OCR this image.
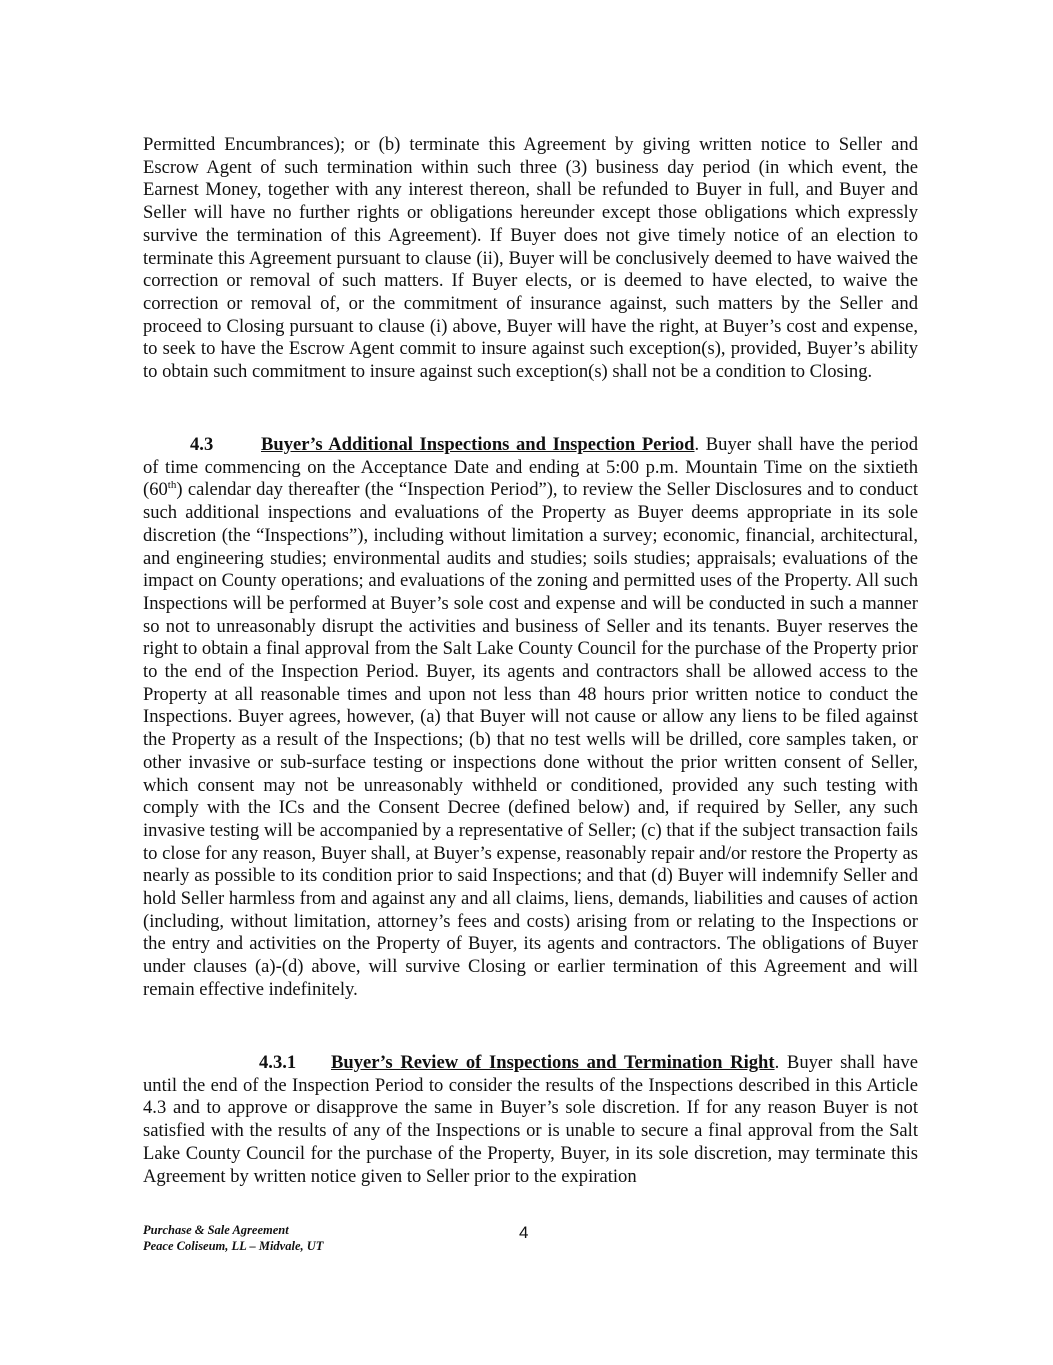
Permitted Encumbrances); or (b) terminate this Agreement by giving written notice to Seller and Escrow Agent of such termination within such three (3) business day period (in which event, the Earnest Money, together with any interest thereon, shall be refunded to Buyer in full, and Buyer and Seller will have no further rights or obligations hereunder except those obligations which expressly survive the termination of this Agreement). If Buyer does not give timely notice of an election to terminate this Agreement pursuant to clause (ii), Buyer will be conclusively deemed to have waived the correction or removal of such matters. If Buyer elects, or is deemed to have elected, to waive the correction or removal of, or the commitment of insurance against, such matters by the Seller and proceed to Closing pursuant to clause (i) above, Buyer will have the right, at Buyer’s cost and expense, to seek to have the Escrow Agent commit to insure against such exception(s), provided, Buyer’s ability to obtain such commitment to insure against such exception(s) shall not be a condition to Closing.

4.3	Buyer’s Additional Inspections and Inspection Period. Buyer shall have the period of time commencing on the Acceptance Date and ending at 5:00 p.m. Mountain Time on the sixtieth (60th) calendar day thereafter (the “Inspection Period”), to review the Seller Disclosures and to conduct such additional inspections and evaluations of the Property as Buyer deems appropriate in its sole discretion (the “Inspections”), including without limitation a survey; economic, financial, architectural, and engineering studies; environmental audits and studies; soils studies; appraisals; evaluations of the impact on County operations; and evaluations of the zoning and permitted uses of the Property. All such Inspections will be performed at Buyer’s sole cost and expense and will be conducted in such a manner so not to unreasonably disrupt the activities and business of Seller and its tenants. Buyer reserves the right to obtain a final approval from the Salt Lake County Council for the purchase of the Property prior to the end of the Inspection Period. Buyer, its agents and contractors shall be allowed access to the Property at all reasonable times and upon not less than 48 hours prior written notice to conduct the Inspections. Buyer agrees, however, (a) that Buyer will not cause or allow any liens to be filed against the Property as a result of the Inspections; (b) that no test wells will be drilled, core samples taken, or other invasive or sub-surface testing or inspections done without the prior written consent of Seller, which consent may not be unreasonably withheld or conditioned, provided any such testing with comply with the ICs and the Consent Decree (defined below) and, if required by Seller, any such invasive testing will be accompanied by a representative of Seller; (c) that if the subject transaction fails to close for any reason, Buyer shall, at Buyer’s expense, reasonably repair and/or restore the Property as nearly as possible to its condition prior to said Inspections; and that (d) Buyer will indemnify Seller and hold Seller harmless from and against any and all claims, liens, demands, liabilities and causes of action (including, without limitation, attorney’s fees and costs) arising from or relating to the Inspections or the entry and activities on the Property of Buyer, its agents and contractors. The obligations of Buyer under clauses (a)-(d) above, will survive Closing or earlier termination of this Agreement and will remain effective indefinitely.

4.3.1 Buyer’s Review of Inspections and Termination Right. Buyer shall have until the end of the Inspection Period to consider the results of the Inspections described in this Article 4.3 and to approve or disapprove the same in Buyer’s sole discretion. If for any reason Buyer is not satisfied with the results of any of the Inspections or is unable to secure a final approval from the Salt Lake County Council for the purchase of the Property, Buyer, in its sole discretion, may terminate this Agreement by written notice given to Seller prior to the expiration

Purchase & Sale Agreement
Peace Coliseum, LL – Midvale, UT
4
